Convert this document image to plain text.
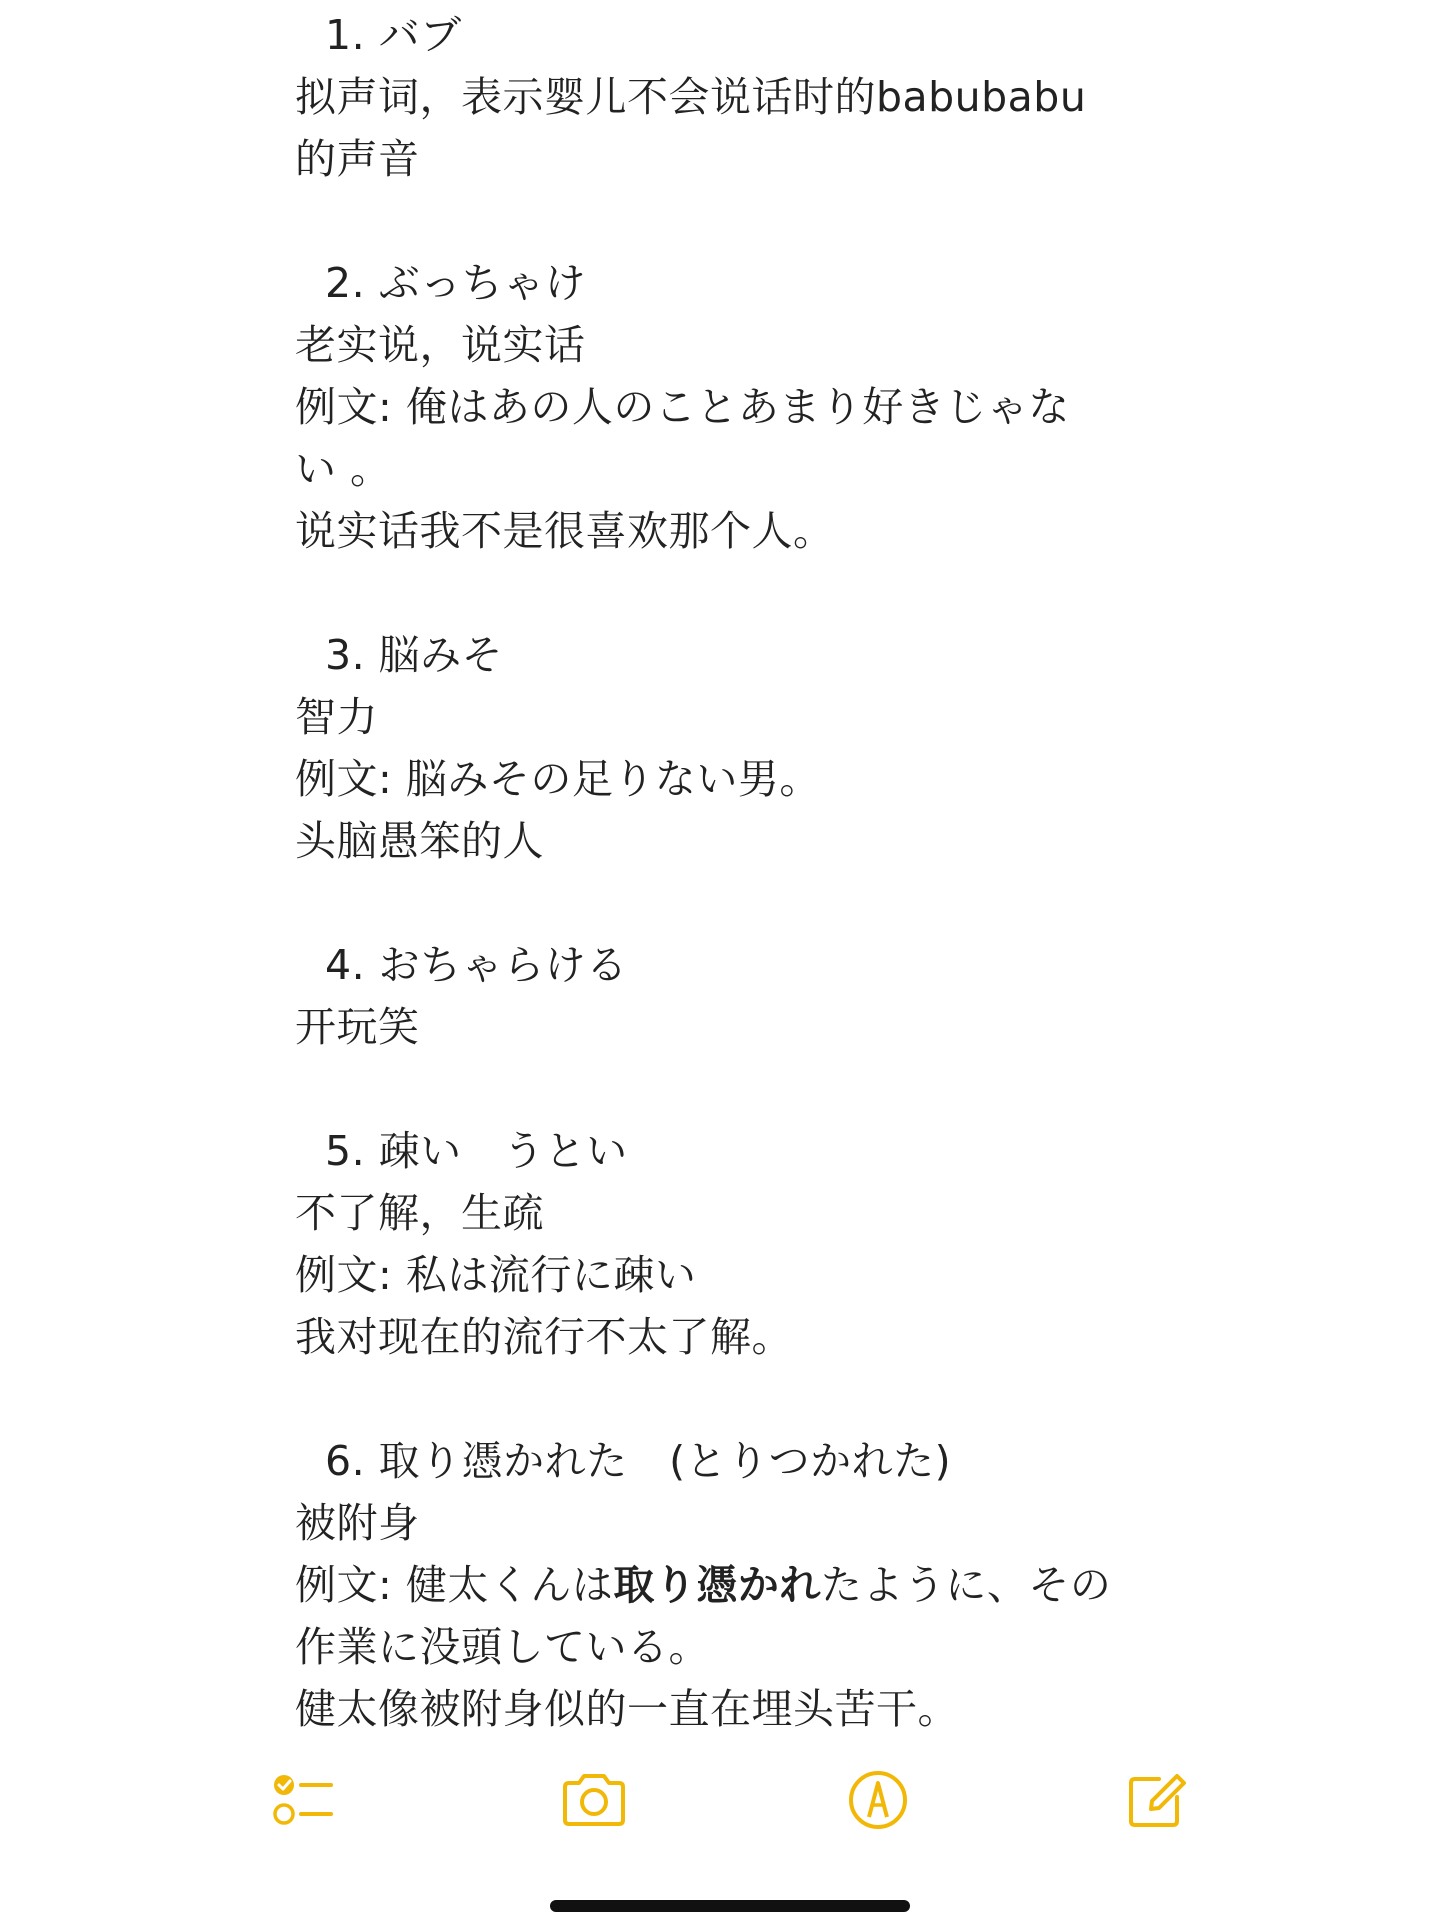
1. バブ
拟声词，表示婴儿不会说话时的babubabu
的声音
2. ぶっちゃけ
老实说，说实话
例文: 俺はあの人のことあまり好きじゃな
い 。
说实话我不是很喜欢那个人。
3. 脳みそ
智力
例文: 脳みその足りない男。
头脑愚笨的人
4. おちゃらける
开玩笑
5. 疎い　うとい
不了解，生疏
例文: 私は流行に疎い
我对现在的流行不太了解。
6. 取り憑かれた　(とりつかれた)
被附身
例文: 健太くんは取り憑かれたように、その
作業に没頭している。
健太像被附身似的一直在埋头苦干。
